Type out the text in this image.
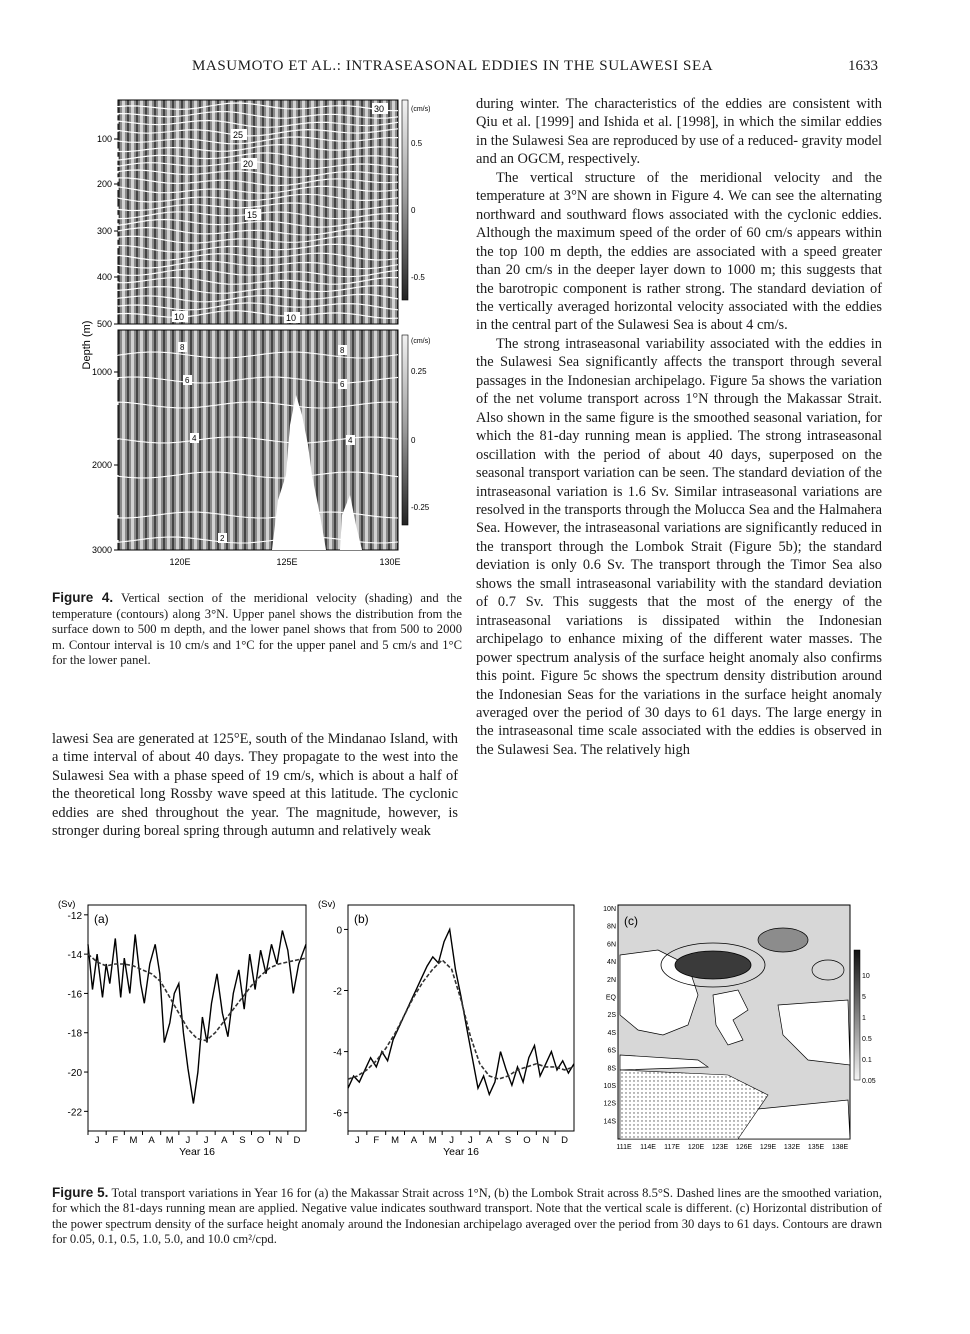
MASUMOTO ET AL.: INTRASEASONAL EDDIES IN THE SULAWESI SEA	1633
100
200
300
400
500
1000
2000
3000
120E	125E	130E
30
25
20
15
10	10
8	8
6	6
4	4
2
Depth (m)
(cm/s)
(cm/s)
0.5
0
-0.5
0.25
0
-0.25
Figure 4. Vertical section of the meridional velocity (shading) and the temperature (contours) along 3°N. Upper panel shows the distribution from the surface down to 500 m depth, and the lower panel shows that from 500 to 2000 m. Contour interval is 10 cm/s and 1°C for the upper panel and 5 cm/s and 1°C for the lower panel.

lawesi Sea are generated at 125°E, south of the Mindanao Island, with a time interval of about 40 days. They propagate to the west into the Sulawesi Sea with a phase speed of 19 cm/s, which is about a half of the theoretical long Rossby wave speed at this latitude. The cyclonic eddies are shed throughout the year. The magnitude, however, is stronger during boreal spring through autumn and relatively weak

during winter. The characteristics of the eddies are consistent with Qiu et al. [1999] and Ishida et al. [1998], in which the similar eddies in the Sulawesi Sea are reproduced by use of a reduced- gravity model and an OGCM, respectively.

The vertical structure of the meridional velocity and the temperature at 3°N are shown in Figure 4. We can see the alternating northward and southward flows associated with the cyclonic eddies. Although the maximum speed of the order of 60 cm/s appears within the top 100 m depth, the eddies are associated with a speed greater than 20 cm/s in the deeper layer down to 1000 m; this suggests that the barotropic component is rather strong. The standard deviation of the vertically averaged horizontal velocity associated with the eddies in the central part of the Sulawesi Sea is about 4 cm/s.

The strong intraseasonal variability associated with the eddies in the Sulawesi Sea significantly affects the transport through several passages in the Indonesian archipelago. Figure 5a shows the variation of the net volume transport across 1°N through the Makassar Strait. Also shown in the same figure is the smoothed seasonal variation, for which the 81-day running mean is applied. The strong intraseasonal oscillation with the period of about 40 days, superposed on the seasonal transport variation can be seen. The standard deviation of the intraseasonal variation is 1.6 Sv. Similar intraseasonal variations are resolved in the transports through the Molucca Sea and the Halmahera Sea. However, the intraseasonal variations are significantly reduced in the transport through the Lombok Strait (Figure 5b); the standard deviation is only 0.6 Sv. The transport through the Timor Sea also shows the small intraseasonal variability with the standard deviation of 0.7 Sv. This suggests that the most of the energy of the intraseasonal variations is dissipated within the Indonesian archipelago to enhance mixing of the different water masses. The power spectrum analysis of the surface height anomaly also confirms this point. Figure 5c shows the spectrum density distribution around the Indonesian Seas for the variations in the surface height anomaly averaged over the period of 30 days to 61 days. The large energy in the intraseasonal time scale associated with the eddies is observed in the Sulawesi Sea. The relatively high

-12
-14
-16
-18
-20
-22
J F M A M J J A S O N D
Year 16
(Sv)
(a)
0
-2
-4
-6
J F M A M J J A S O N D
Year 16
(Sv)
(b)	(c)
10N
8N
6N
4N
2N
EQ
2S
4S
6S
8S
10S
12S
14S
111E 114E 117E 120E 123E 126E 129E 132E 135E 138E
10
5
1
0.5
0.1
0.05
Figure 5. Total transport variations in Year 16 for (a) the Makassar Strait across 1°N, (b) the Lombok Strait across 8.5°S. Dashed lines are the smoothed variation, for which the 81-days running mean are applied. Negative value indicates southward transport. Note that the vertical scale is different. (c) Horizontal distribution of the power spectrum density of the surface height anomaly around the Indonesian archipelago averaged over the period from 30 days to 61 days. Contours are drawn for 0.05, 0.1, 0.5, 1.0, 5.0, and 10.0 cm²/cpd.
